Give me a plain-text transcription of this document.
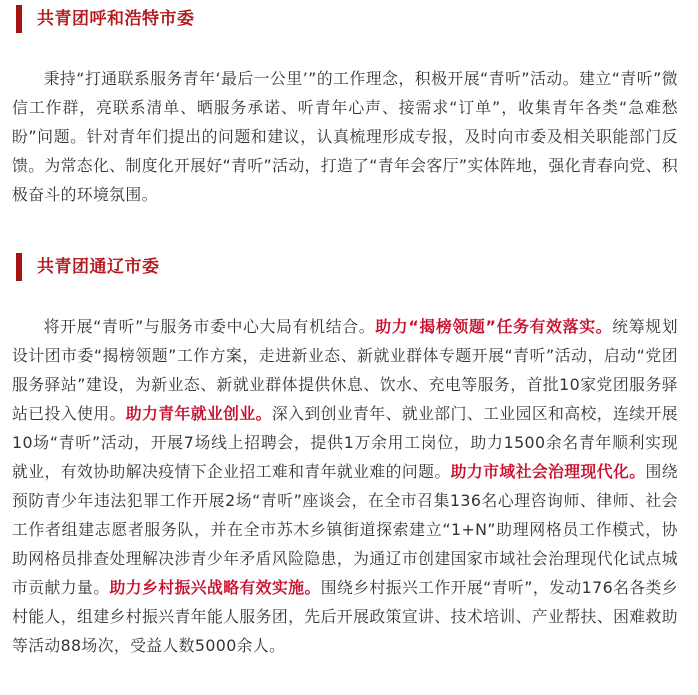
共青团呼和浩特市委

秉持“打通联系服务青年‘最后一公里’”的工作理念，积极开展“青听”活动。建立“青听”微信工作群，亮联系清单、晒服务承诺、听青年心声、接需求“订单”，收集青年各类“急难愁盼”问题。针对青年们提出的问题和建议，认真梳理形成专报，及时向市委及相关职能部门反馈。为常态化、制度化开展好“青听”活动，打造了“青年会客厅”实体阵地，强化青春向党、积极奋斗的环境氛围。

共青团通辽市委

将开展“青听”与服务市委中心大局有机结合。助力“揭榜领题”任务有效落实。统筹规划设计团市委“揭榜领题”工作方案，走进新业态、新就业群体专题开展“青听”活动，启动“党团服务驿站”建设，为新业态、新就业群体提供休息、饮水、充电等服务，首批10家党团服务驿站已投入使用。助力青年就业创业。深入到创业青年、就业部门、工业园区和高校，连续开展10场“青听”活动，开展7场线上招聘会，提供1万余用工岗位，助力1500余名青年顺利实现就业，有效协助解决疫情下企业招工难和青年就业难的问题。助力市域社会治理现代化。围绕预防青少年违法犯罪工作开展2场“青听”座谈会，在全市召集136名心理咨询师、律师、社会工作者组建志愿者服务队，并在全市苏木乡镇街道探索建立“1+N”助理网格员工作模式，协助网格员排查处理解决涉青少年矛盾风险隐患，为通辽市创建国家市域社会治理现代化试点城市贡献力量。助力乡村振兴战略有效实施。围绕乡村振兴工作开展“青听”，发动176名各类乡村能人，组建乡村振兴青年能人服务团，先后开展政策宣讲、技术培训、产业帮扶、困难救助等活动88场次，受益人数5000余人。
